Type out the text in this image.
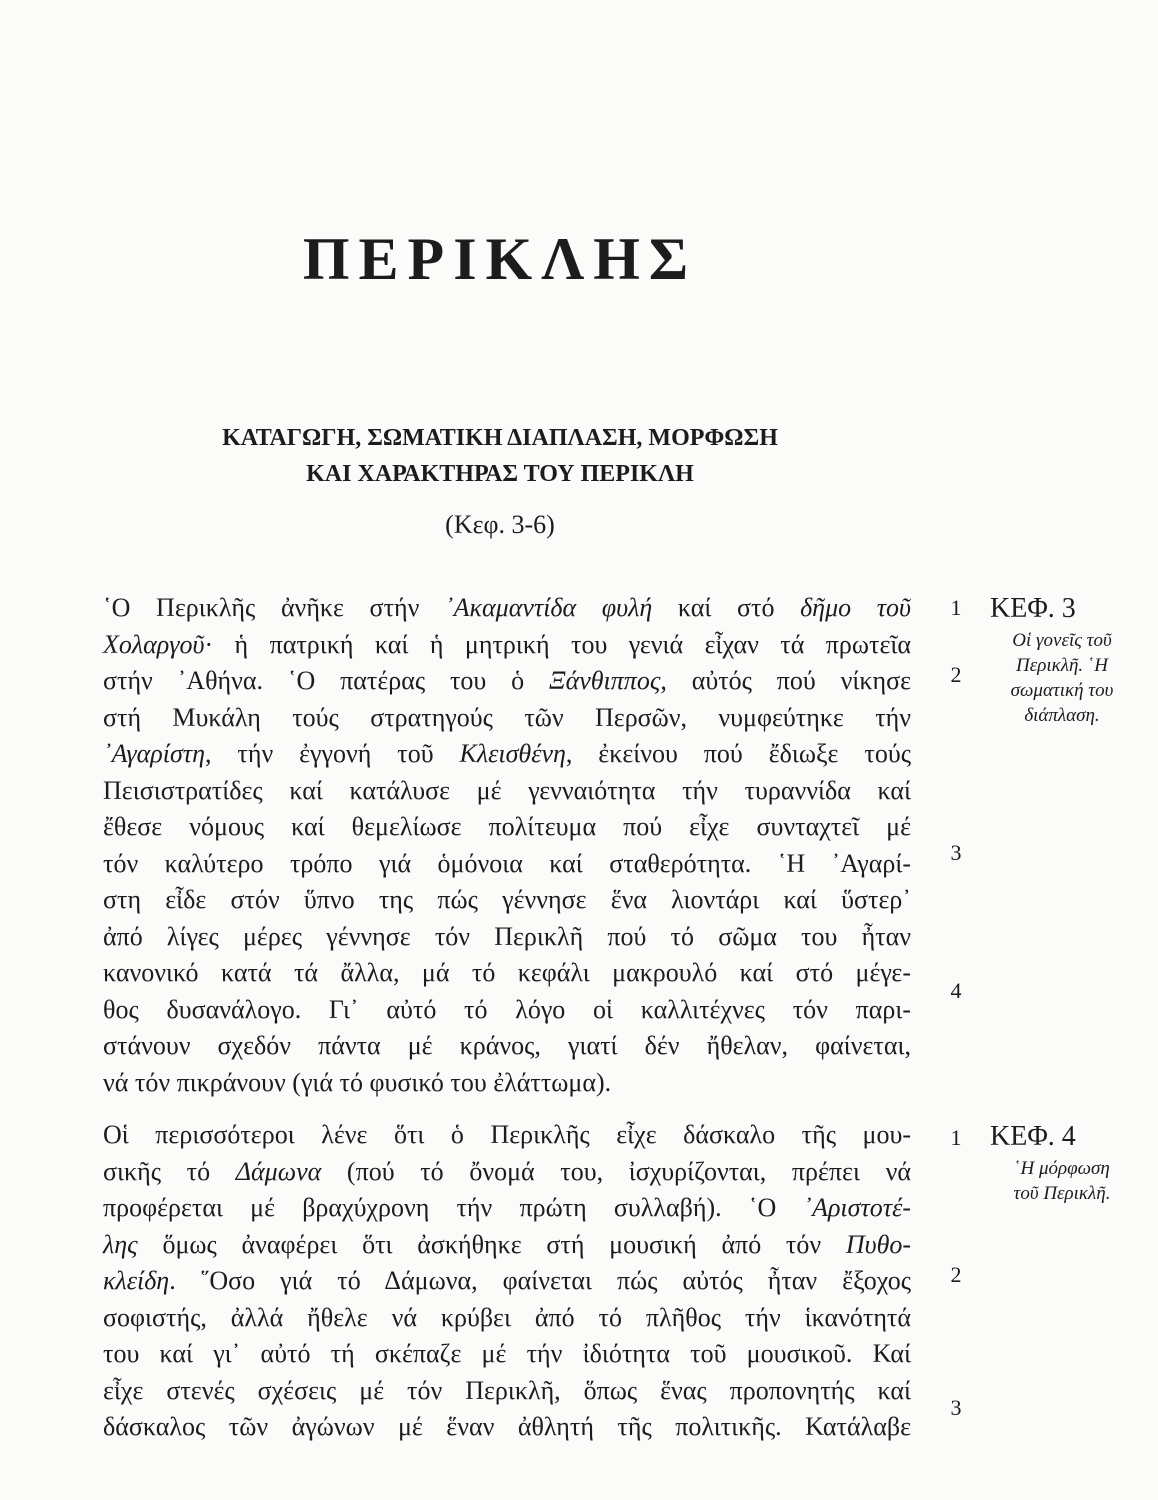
ΠΕΡΙΚΛΗΣ
ΚΑΤΑΓΩΓΗ, ΣΩΜΑΤΙΚΗ ΔΙΑΠΛΑΣΗ, ΜΟΡΦΩΣΗ
ΚΑΙ ΧΑΡΑΚΤΗΡΑΣ ΤΟΥ ΠΕΡΙΚΛΗ
(Κεφ. 3-6)
῾Ο Περικλῆς ἀνῆκε στήν ᾿Ακαμαντίδα φυλή καί στό δῆμο τοῦ
Χολαργοῦ· ἡ πατρική καί ἡ μητρική του γενιά εἶχαν τά πρωτεῖα
στήν ᾿Αθήνα. ῾Ο πατέρας του ὁ Ξάνθιππος, αὐτός πού νίκησε
στή Μυκάλη τούς στρατηγούς τῶν Περσῶν, νυμφεύτηκε τήν
᾿Αγαρίστη, τήν ἐγγονή τοῦ Κλεισθένη, ἐκείνου πού ἔδιωξε τούς
Πεισιστρατίδες καί κατάλυσε μέ γενναιότητα τήν τυραννίδα καί
ἔθεσε νόμους καί θεμελίωσε πολίτευμα πού εἶχε συνταχτεῖ μέ
τόν καλύτερο τρόπο γιά ὁμόνοια καί σταθερότητα. ῾Η ᾿Αγαρί-
στη εἶδε στόν ὕπνο της πώς γέννησε ἕνα λιοντάρι καί ὕστερ᾿
ἀπό λίγες μέρες γέννησε τόν Περικλῆ πού τό σῶμα του ἦταν
κανονικό κατά τά ἄλλα, μά τό κεφάλι μακρουλό καί στό μέγε-
θος δυσανάλογο. Γι᾿ αὐτό τό λόγο οἱ καλλιτέχνες τόν παρι-
στάνουν σχεδόν πάντα μέ κράνος, γιατί δέν ἤθελαν, φαίνεται,
νά τόν πικράνουν (γιά τό φυσικό του ἐλάττωμα).
Οἱ περισσότεροι λένε ὅτι ὁ Περικλῆς εἶχε δάσκαλο τῆς μου-
σικῆς τό Δάμωνα (πού τό ὄνομά του, ἰσχυρίζονται, πρέπει νά
προφέρεται μέ βραχύχρονη τήν πρώτη συλλαβή). ῾Ο ᾿Αριστοτέ-
λης ὅμως ἀναφέρει ὅτι ἀσκήθηκε στή μουσική ἀπό τόν Πυθο-
κλείδη. ῞Οσο γιά τό Δάμωνα, φαίνεται πώς αὐτός ἦταν ἔξοχος
σοφιστής, ἀλλά ἤθελε νά κρύβει ἀπό τό πλῆθος τήν ἱκανότητά
του καί γι᾿ αὐτό τή σκέπαζε μέ τήν ἰδιότητα τοῦ μουσικοῦ. Καί
εἶχε στενές σχέσεις μέ τόν Περικλῆ, ὅπως ἕνας προπονητής καί
δάσκαλος τῶν ἀγώνων μέ ἕναν ἀθλητή τῆς πολιτικῆς. Κατάλαβε
1
2
3
4
1
2
3
ΚΕΦ. 3
Οἱ γονεῖς τοῦ
Περικλῆ. ῾Η
σωματική του
διάπλαση.
ΚΕΦ. 4
῾Η μόρφωση
τοῦ Περικλῆ.
